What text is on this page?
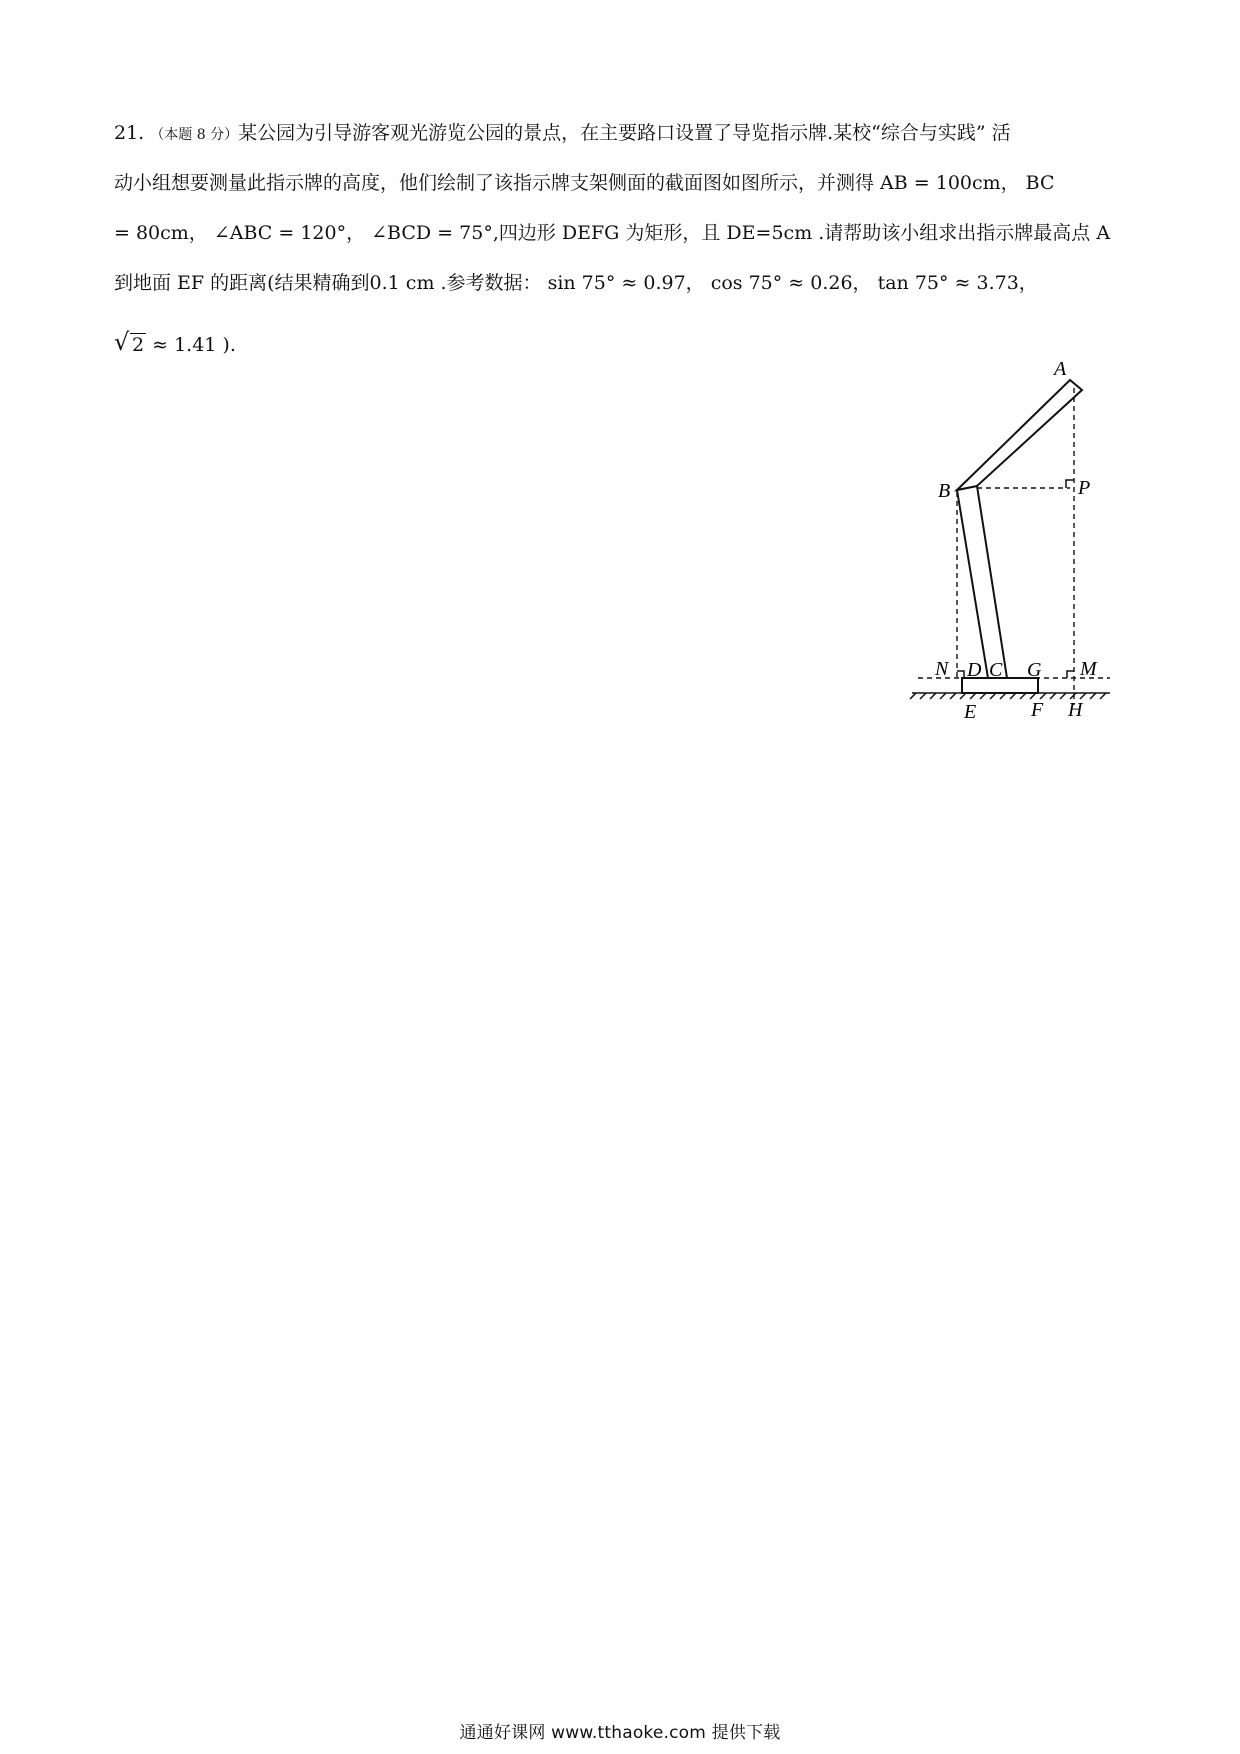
21. （本题 8 分）某公园为引导游客观光游览公园的景点，在主要路口设置了导览指示牌.某校“综合与实践” 活
动小组想要测量此指示牌的高度，他们绘制了该指示牌支架侧面的截面图如图所示，并测得 AB = 100cm， BC
= 80cm， ∠ABC = 120°， ∠BCD = 75°,四边形 DEFG 为矩形，且 DE=5cm .请帮助该小组求出指示牌最高点 A
到地面 EF 的距离(结果精确到0.1 cm .参考数据： sin 75° ≈ 0.97， cos 75° ≈ 0.26， tan 75° ≈ 3.73，
√ 2 ≈ 1.41 ).
A
B	P
N D C G M
E	F H
通通好课网 www.tthaoke.com 提供下载
